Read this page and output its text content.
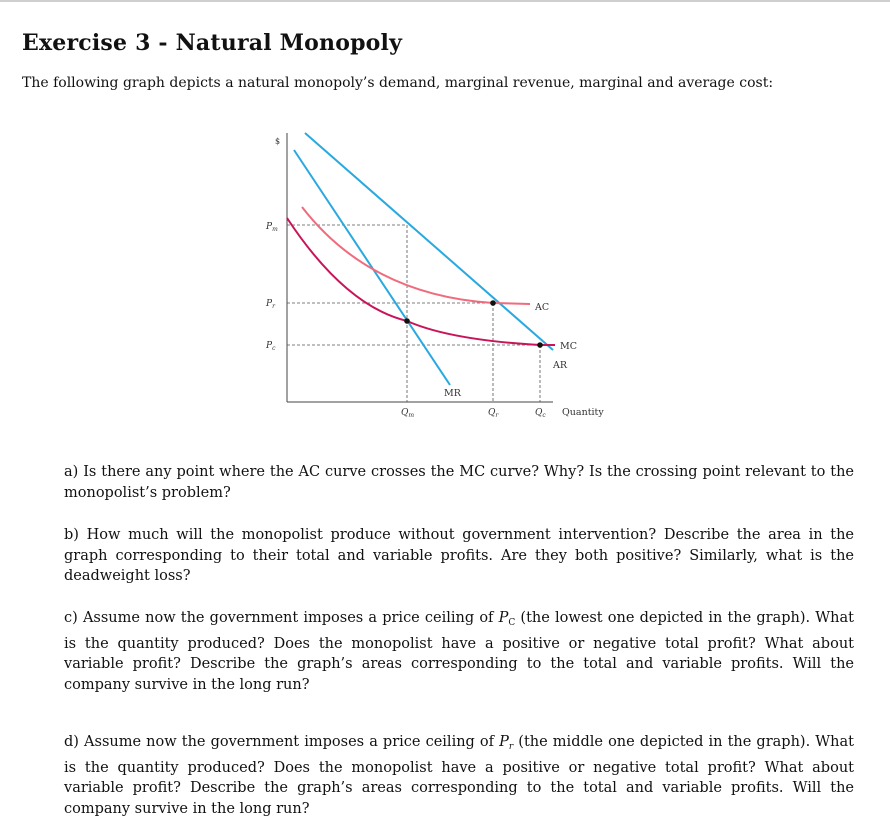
Exercise 3 - Natural Monopoly
The following graph depicts a natural monopoly’s demand, marginal revenue, marginal and average cost:
$
$P_m$
$P_r$
$P_c$
$Q_m$	$Q_r$	$Q_c$ Quantity
AC
MC
AR
MR
a) Is there any point where the AC curve crosses the MC curve? Why? Is the crossing point relevant to the monopolist’s problem?
b) How much will the monopolist produce without government intervention? Describe the area in the graph corresponding to their total and variable profits. Are they both positive? Similarly, what is the deadweight loss?
c) Assume now the government imposes a price ceiling of $P_C$ (the lowest one depicted in the graph). What is the quantity produced? Does the monopolist have a positive or negative total profit? What about variable profit? Describe the graph’s areas corresponding to the total and variable profits. Will the company survive in the long run?
d) Assume now the government imposes a price ceiling of $P_r$ (the middle one depicted in the graph). What is the quantity produced? Does the monopolist have a positive or negative total profit? What about variable profit? Describe the graph’s areas corresponding to the total and variable profits. Will the company survive in the long run?
